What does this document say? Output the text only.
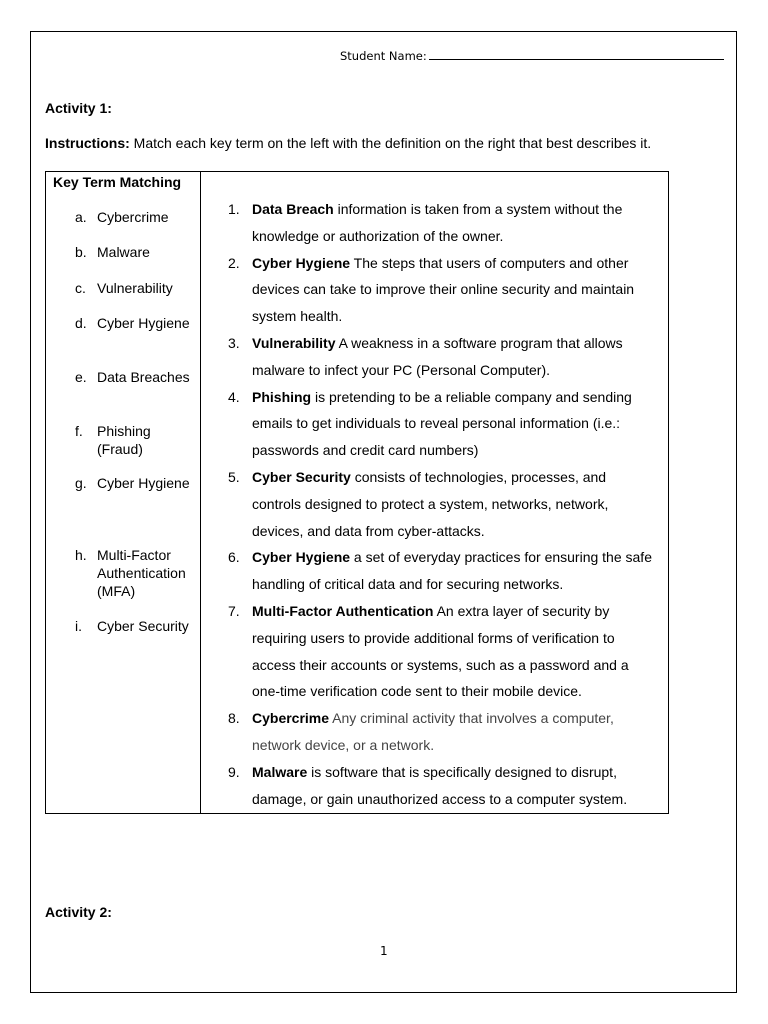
Student Name:
Activity 1:
Instructions: Match each key term on the left with the definition on the right that best describes it.
Key Term Matching
a. Cybercrime
b. Malware
c. Vulnerability
d. Cyber Hygiene
e. Data Breaches
f. Phishing (Fraud)
g. Cyber Hygiene
h. Multi-Factor Authentication (MFA)
i. Cyber Security
1. Data Breach information is taken from a system without the knowledge or authorization of the owner.
2. Cyber Hygiene The steps that users of computers and other devices can take to improve their online security and maintain system health.
3. Vulnerability A weakness in a software program that allows malware to infect your PC (Personal Computer).
4. Phishing is pretending to be a reliable company and sending emails to get individuals to reveal personal information (i.e.: passwords and credit card numbers)
5. Cyber Security consists of technologies, processes, and controls designed to protect a system, networks, network, devices, and data from cyber-attacks.
6. Cyber Hygiene a set of everyday practices for ensuring the safe handling of critical data and for securing networks.
7. Multi-Factor Authentication An extra layer of security by requiring users to provide additional forms of verification to access their accounts or systems, such as a password and a one-time verification code sent to their mobile device.
8. Cybercrime Any criminal activity that involves a computer, network device, or a network.
9. Malware is software that is specifically designed to disrupt, damage, or gain unauthorized access to a computer system.
Activity 2:
1
